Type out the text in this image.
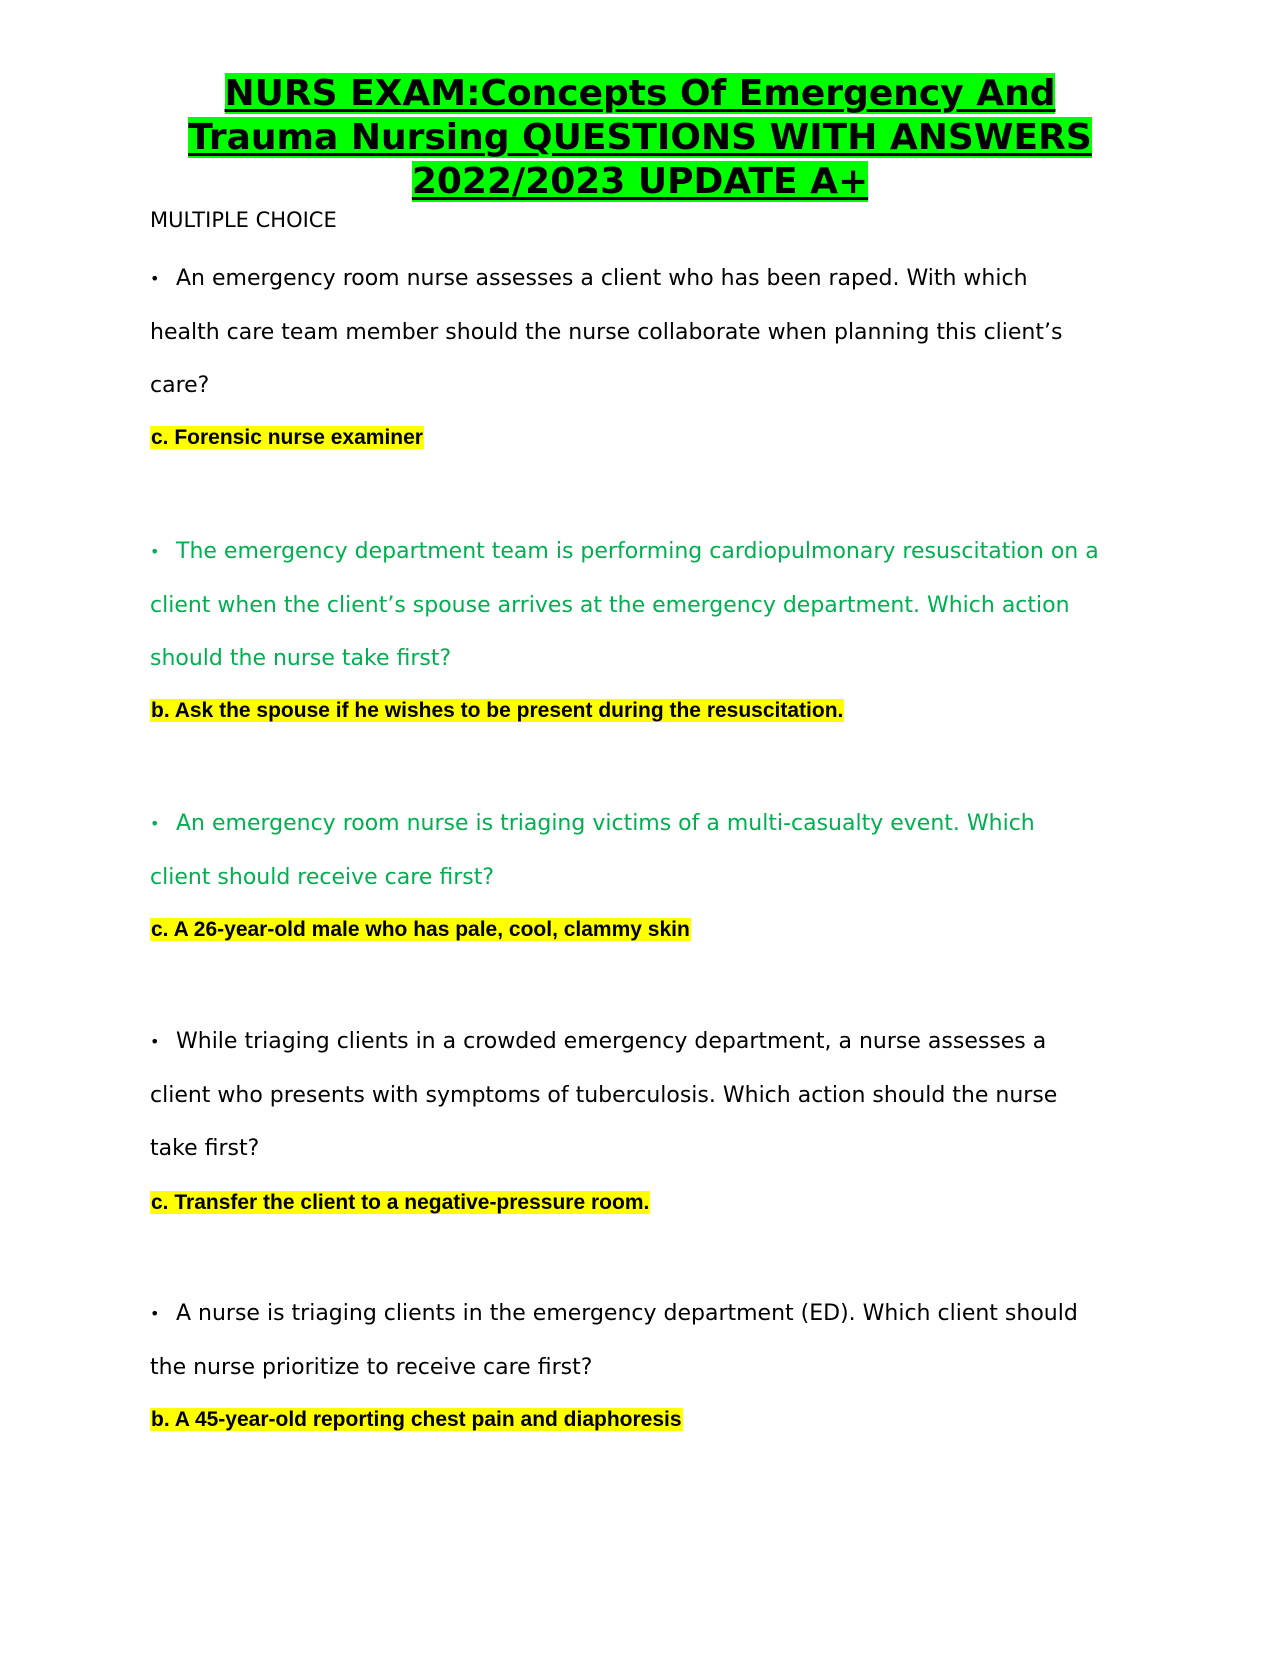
NURS EXAM:Concepts Of Emergency And
Trauma Nursing QUESTIONS WITH ANSWERS
2022/2023 UPDATE A+
MULTIPLE CHOICE

• An emergency room nurse assesses a client who has been raped. With which health care team member should the nurse collaborate when planning this client’s care?

c. Forensic nurse examiner

• The emergency department team is performing cardiopulmonary resuscitation on a client when the client’s spouse arrives at the emergency department. Which action should the nurse take first?

b. Ask the spouse if he wishes to be present during the resuscitation.

• An emergency room nurse is triaging victims of a multi-casualty event. Which client should receive care first?

c. A 26-year-old male who has pale, cool, clammy skin

• While triaging clients in a crowded emergency department, a nurse assesses a client who presents with symptoms of tuberculosis. Which action should the nurse take first?

c. Transfer the client to a negative-pressure room.

• A nurse is triaging clients in the emergency department (ED). Which client should the nurse prioritize to receive care first?

b. A 45-year-old reporting chest pain and diaphoresis
